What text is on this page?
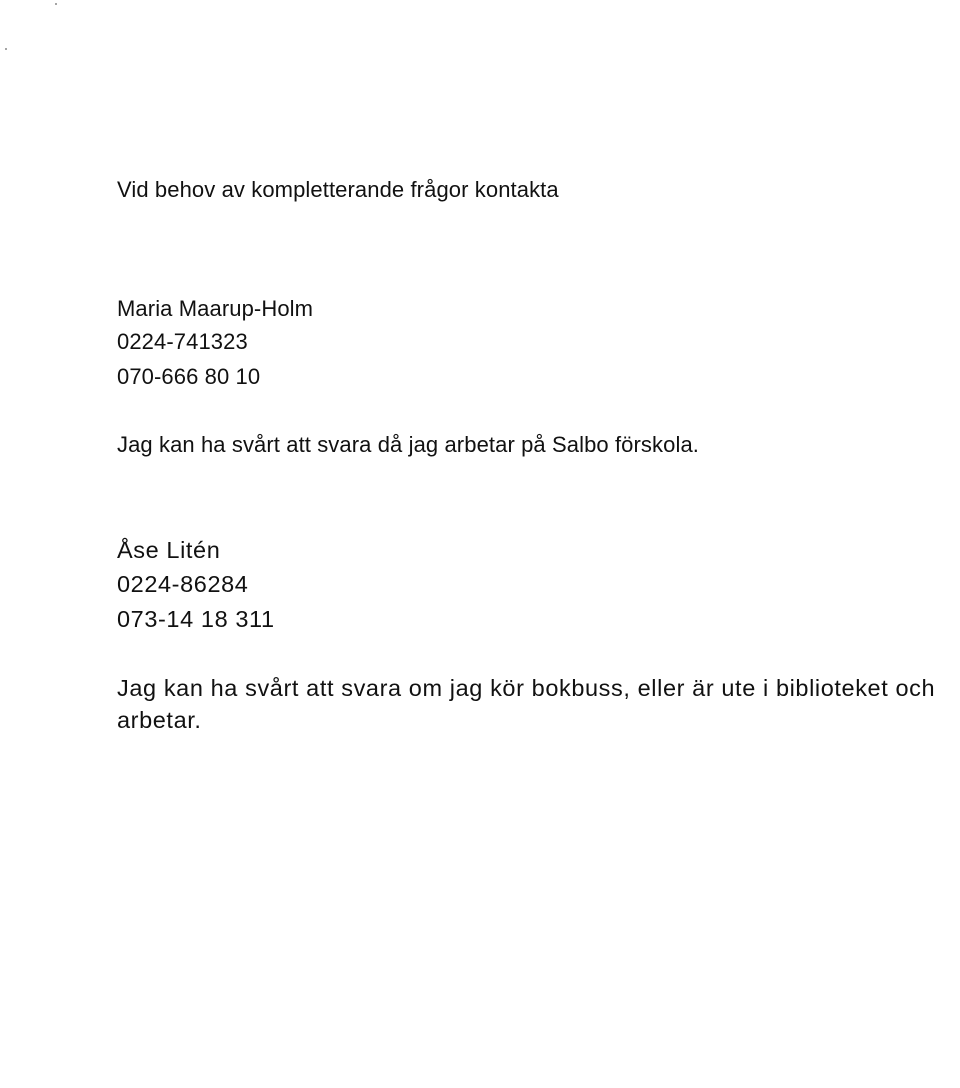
Vid behov av kompletterande frågor kontakta
Maria Maarup-Holm
0224-741323
070-666 80 10
Jag kan ha svårt att svara då jag arbetar på Salbo förskola.
Åse Litén
0224-86284
073-14 18 311
Jag kan ha svårt att svara om jag kör bokbuss, eller är ute i biblioteket och
arbetar.
